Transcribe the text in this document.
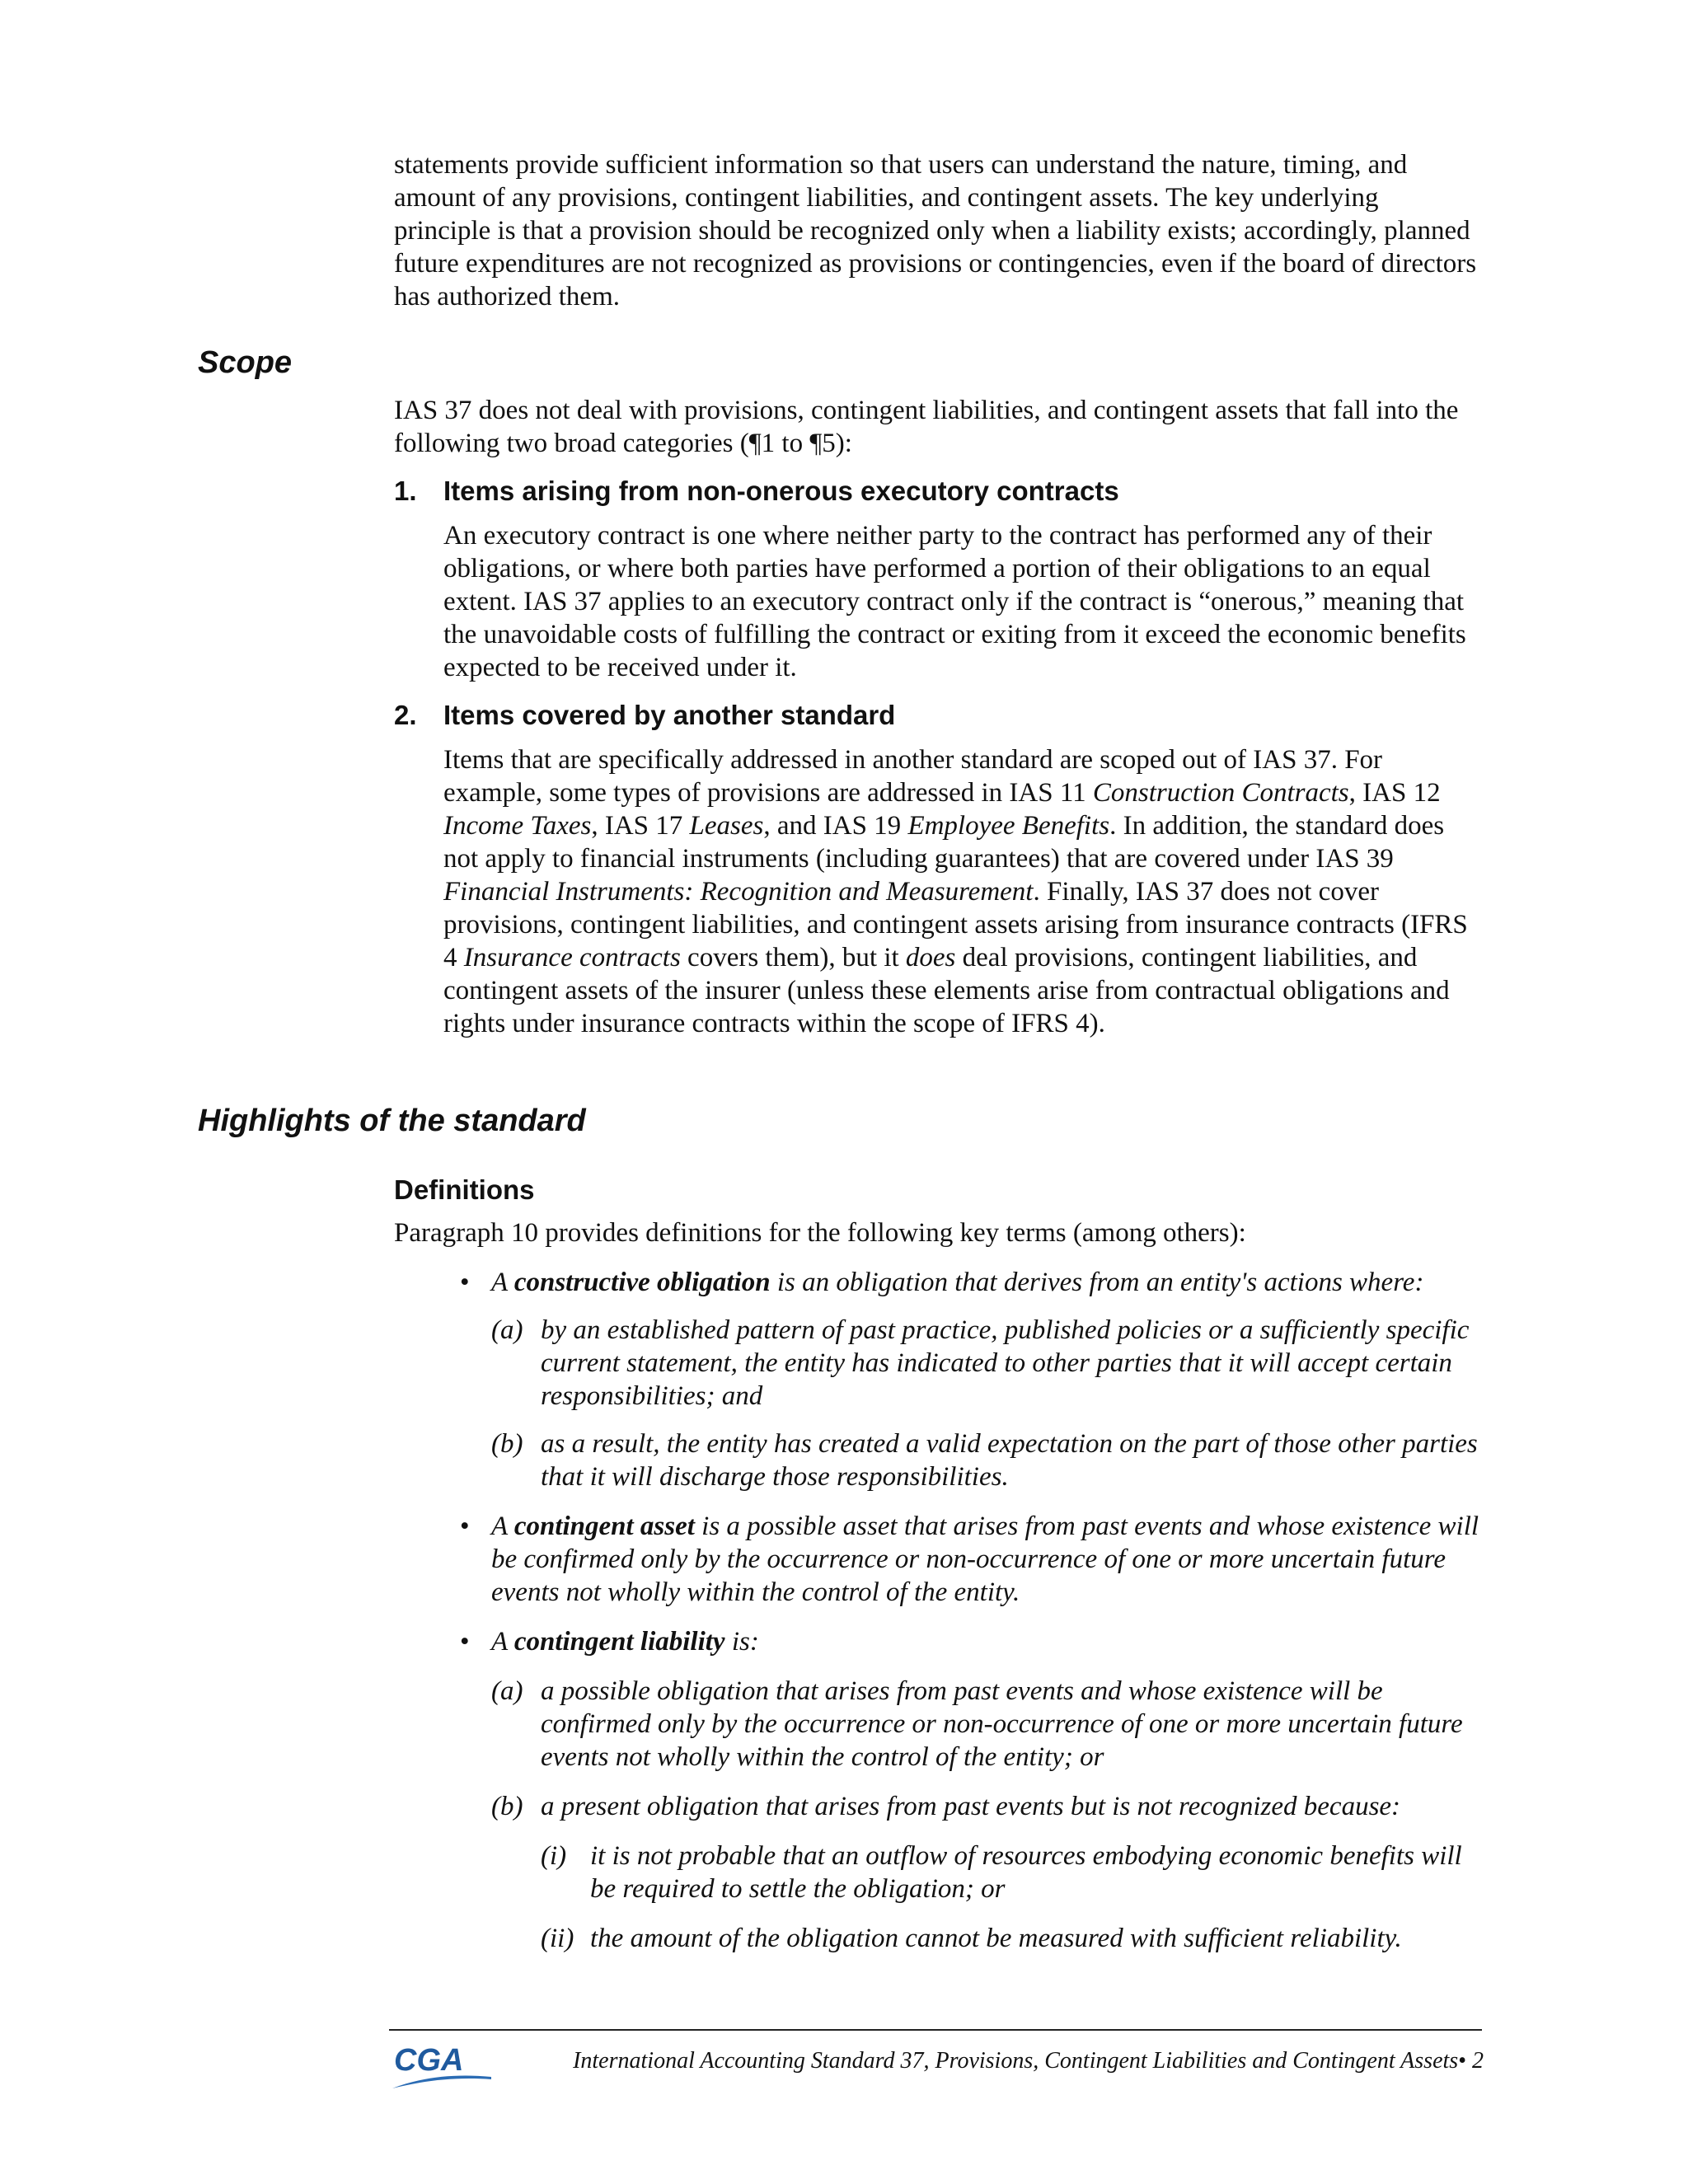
statements provide sufficient information so that users can understand the nature, timing, and amount of any provisions, contingent liabilities, and contingent assets. The key underlying principle is that a provision should be recognized only when a liability exists; accordingly, planned future expenditures are not recognized as provisions or contingencies, even if the board of directors has authorized them.

Scope

IAS 37 does not deal with provisions, contingent liabilities, and contingent assets that fall into the following two broad categories (¶1 to ¶5):

1. Items arising from non-onerous executory contracts

An executory contract is one where neither party to the contract has performed any of their obligations, or where both parties have performed a portion of their obligations to an equal extent. IAS 37 applies to an executory contract only if the contract is “onerous,” meaning that the unavoidable costs of fulfilling the contract or exiting from it exceed the economic benefits expected to be received under it.

2. Items covered by another standard

Items that are specifically addressed in another standard are scoped out of IAS 37. For example, some types of provisions are addressed in IAS 11 Construction Contracts, IAS 12 Income Taxes, IAS 17 Leases, and IAS 19 Employee Benefits. In addition, the standard does not apply to financial instruments (including guarantees) that are covered under IAS 39 Financial Instruments: Recognition and Measurement. Finally, IAS 37 does not cover provisions, contingent liabilities, and contingent assets arising from insurance contracts (IFRS 4 Insurance contracts covers them), but it does deal provisions, contingent liabilities, and contingent assets of the insurer (unless these elements arise from contractual obligations and rights under insurance contracts within the scope of IFRS 4).

Highlights of the standard
Definitions

Paragraph 10 provides definitions for the following key terms (among others):

• A constructive obligation is an obligation that derives from an entity's actions where:
(a) by an established pattern of past practice, published policies or a sufficiently specific current statement, the entity has indicated to other parties that it will accept certain responsibilities; and
(b) as a result, the entity has created a valid expectation on the part of those other parties that it will discharge those responsibilities.
• A contingent asset is a possible asset that arises from past events and whose existence will be confirmed only by the occurrence or non-occurrence of one or more uncertain future events not wholly within the control of the entity.
• A contingent liability is:
(a) a possible obligation that arises from past events and whose existence will be confirmed only by the occurrence or non-occurrence of one or more uncertain future events not wholly within the control of the entity; or
(b) a present obligation that arises from past events but is not recognized because:
(i) it is not probable that an outflow of resources embodying economic benefits will be required to settle the obligation; or
(ii) the amount of the obligation cannot be measured with sufficient reliability.
CGA	International Accounting Standard 37, Provisions, Contingent Liabilities and Contingent Assets• 2
